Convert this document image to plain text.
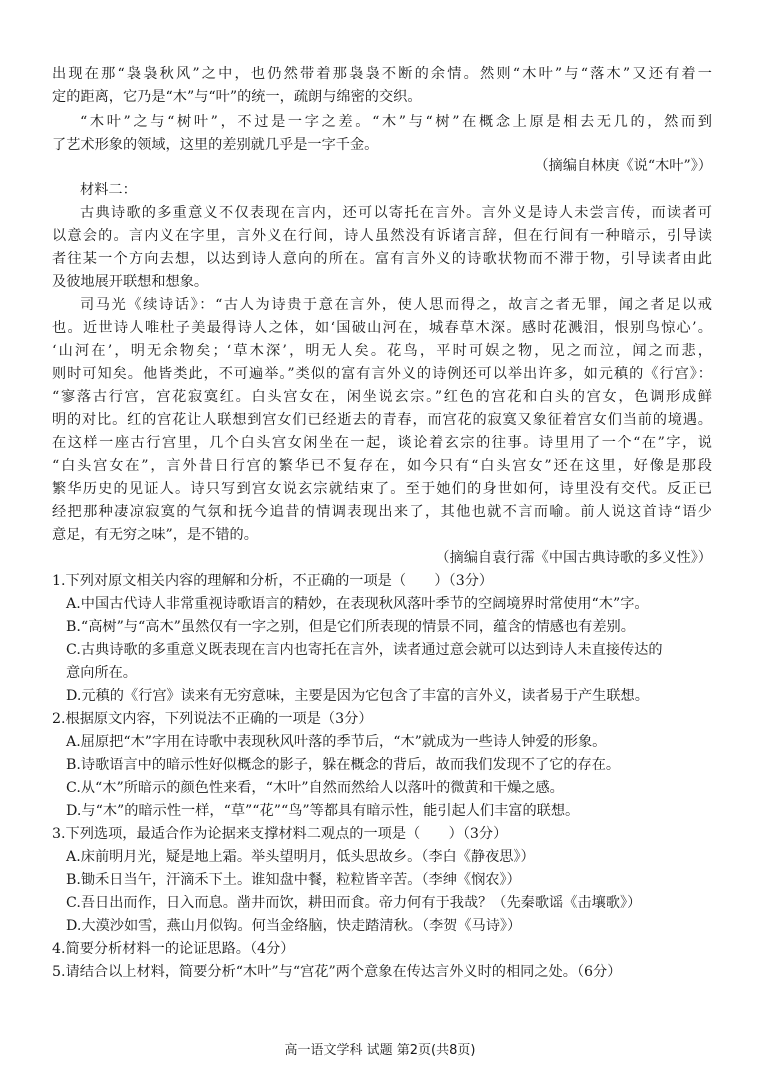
出现在那“袅袅秋风”之中，也仍然带着那袅袅不断的余情。然则“木叶”与“落木”又还有着一
定的距离，它乃是“木”与“叶”的统一，疏朗与绵密的交织。
“木叶”之与“树叶”，不过是一字之差。“木”与“树”在概念上原是相去无几的，然而到
了艺术形象的领域，这里的差别就几乎是一字千金。
（摘编自林庚《说“木叶”》）
材料二：
古典诗歌的多重意义不仅表现在言内，还可以寄托在言外。言外义是诗人未尝言传，而读者可
以意会的。言内义在字里，言外义在行间，诗人虽然没有诉诸言辞，但在行间有一种暗示，引导读
者往某一个方向去想，以达到诗人意向的所在。富有言外义的诗歌状物而不滞于物，引导读者由此
及彼地展开联想和想象。
司马光《续诗话》：“古人为诗贵于意在言外，使人思而得之，故言之者无罪，闻之者足以戒
也。近世诗人唯杜子美最得诗人之体，如‘国破山河在，城春草木深。感时花溅泪，恨别鸟惊心’。
‘山河在’，明无余物矣；‘草木深’，明无人矣。花鸟，平时可娱之物，见之而泣，闻之而悲，
则时可知矣。他皆类此，不可遍举。”类似的富有言外义的诗例还可以举出许多，如元稹的《行宫》：
“寥落古行宫，宫花寂寞红。白头宫女在，闲坐说玄宗。”红色的宫花和白头的宫女，色调形成鲜
明的对比。红的宫花让人联想到宫女们已经逝去的青春，而宫花的寂寞又象征着宫女们当前的境遇。
在这样一座古行宫里，几个白头宫女闲坐在一起，谈论着玄宗的往事。诗里用了一个“在”字，说
“白头宫女在”，言外昔日行宫的繁华已不复存在，如今只有“白头宫女”还在这里，好像是那段
繁华历史的见证人。诗只写到宫女说玄宗就结束了。至于她们的身世如何，诗里没有交代。反正已
经把那种凄凉寂寞的气氛和抚今追昔的情调表现出来了，其他也就不言而喻。前人说这首诗“语少
意足，有无穷之味”，是不错的。
（摘编自袁行霈《中国古典诗歌的多义性》）
1.下列对原文相关内容的理解和分析，不正确的一项是（　　）（3分）
A.中国古代诗人非常重视诗歌语言的精妙，在表现秋风落叶季节的空阔境界时常使用“木”字。
B.“高树”与“高木”虽然仅有一字之别，但是它们所表现的情景不同，蕴含的情感也有差别。
C.古典诗歌的多重意义既表现在言内也寄托在言外，读者通过意会就可以达到诗人未直接传达的
意向所在。
D.元稹的《行宫》读来有无穷意味，主要是因为它包含了丰富的言外义，读者易于产生联想。
2.根据原文内容，下列说法不正确的一项是（3分）
A.屈原把“木”字用在诗歌中表现秋风叶落的季节后，“木”就成为一些诗人钟爱的形象。
B.诗歌语言中的暗示性好似概念的影子，躲在概念的背后，故而我们发现不了它的存在。
C.从“木”所暗示的颜色性来看，“木叶”自然而然给人以落叶的微黄和干燥之感。
D.与“木”的暗示性一样，“草”“花”“鸟”等都具有暗示性，能引起人们丰富的联想。
3.下列选项，最适合作为论据来支撑材料二观点的一项是（　　）（3分）
A.床前明月光，疑是地上霜。举头望明月，低头思故乡。（李白《静夜思》）
B.锄禾日当午，汗滴禾下土。谁知盘中餐，粒粒皆辛苦。（李绅《悯农》）
C.吾日出而作，日入而息。凿井而饮，耕田而食。帝力何有于我哉？（先秦歌谣《击壤歌》）
D.大漠沙如雪，燕山月似钩。何当金络脑，快走踏清秋。（李贺《马诗》）
4.简要分析材料一的论证思路。（4分）
5.请结合以上材料，简要分析“木叶”与“宫花”两个意象在传达言外义时的相同之处。（6分）
高一语文学科 试题 第2页(共8页)
